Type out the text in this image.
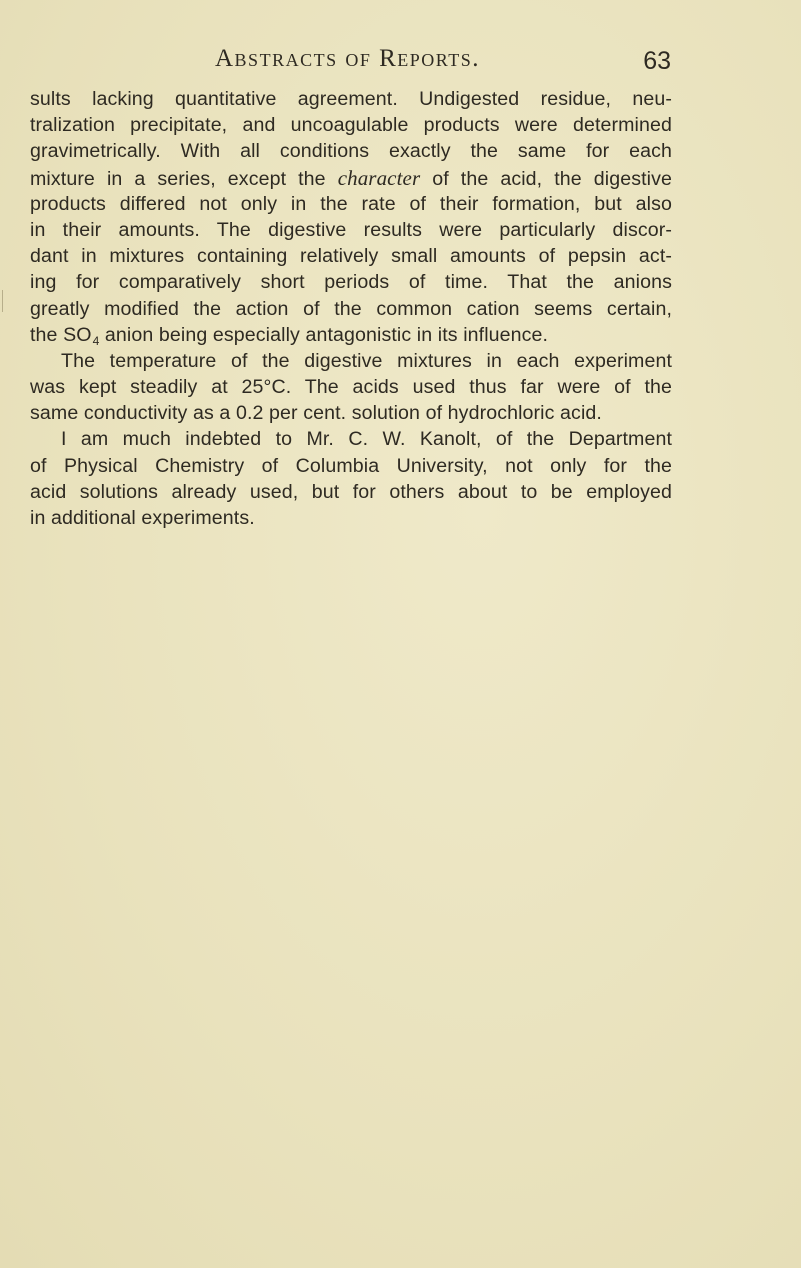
Abstracts of Reports.	63
sults lacking quantitative agreement. Undigested residue, neu-
tralization precipitate, and uncoagulable products were determined
gravimetrically. With all conditions exactly the same for each
mixture in a series, except the character of the acid, the digestive
products differed not only in the rate of their formation, but also
in their amounts. The digestive results were particularly discor-
dant in mixtures containing relatively small amounts of pepsin act-
ing for comparatively short periods of time. That the anions
greatly modified the action of the common cation seems certain,
the $SO_4$ anion being especially antagonistic in its influence.
The temperature of the digestive mixtures in each experiment
was kept steadily at 25°C. The acids used thus far were of the
same conductivity as a 0.2 per cent. solution of hydrochloric acid.
I am much indebted to Mr. C. W. Kanolt, of the Department
of Physical Chemistry of Columbia University, not only for the
acid solutions already used, but for others about to be employed
in additional experiments.
